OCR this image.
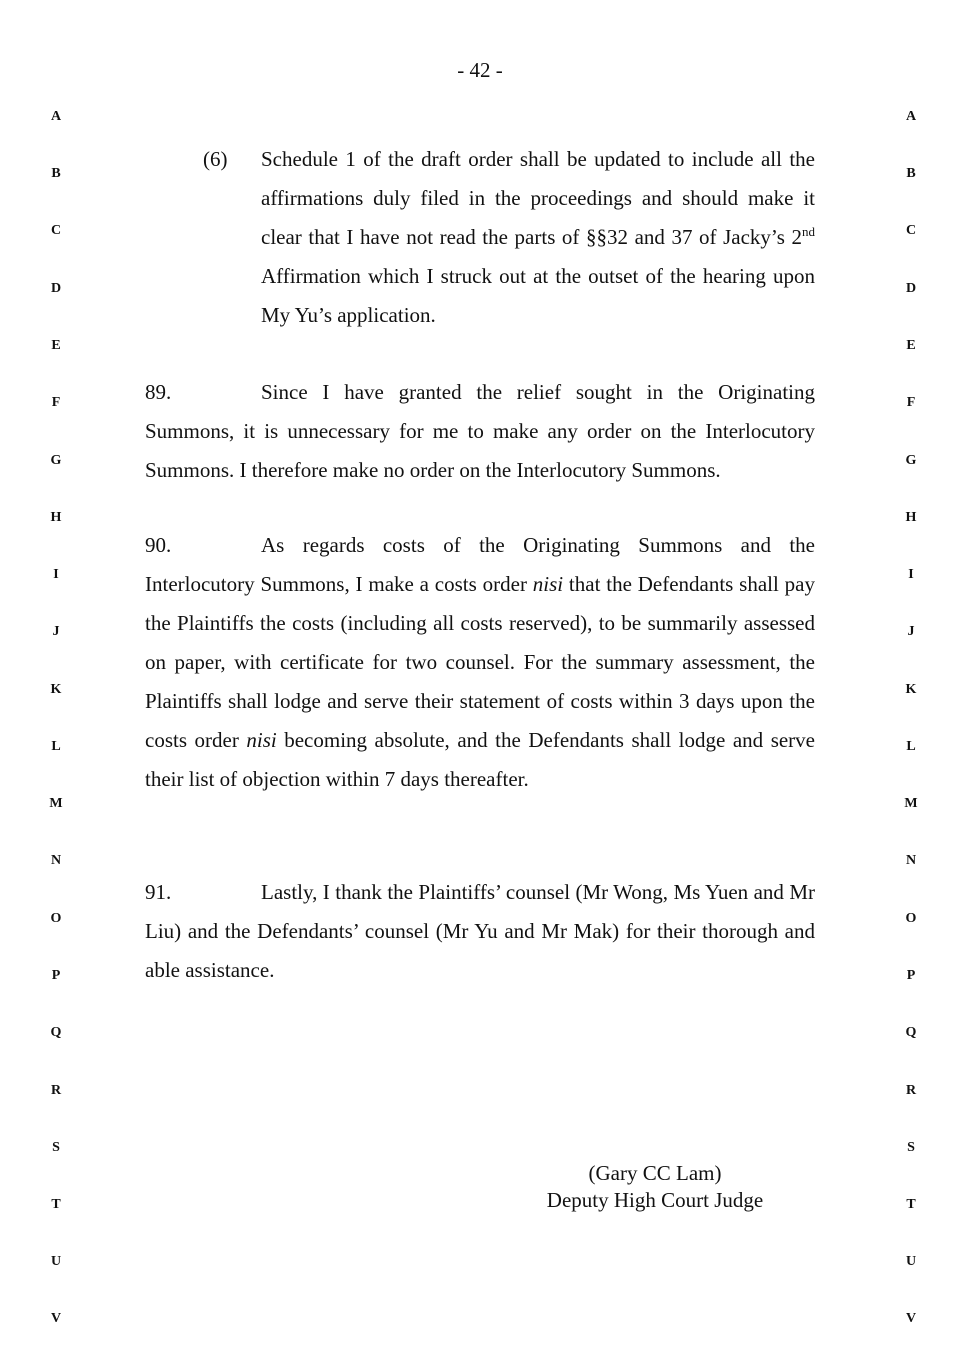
- 42 -
A
B
C
D
E
F
G
H
I
J
K
L
M
N
O
P
Q
R
S
T
U
V
A
B
C
D
E
F
G
H
I
J
K
L
M
N
O
P
Q
R
S
T
U
V
(6) Schedule 1 of the draft order shall be updated to include all the affirmations duly filed in the proceedings and should make it clear that I have not read the parts of §§32 and 37 of Jacky’s 2nd Affirmation which I struck out at the outset of the hearing upon My Yu’s application.
89.	Since I have granted the relief sought in the Originating Summons, it is unnecessary for me to make any order on the Interlocutory Summons. I therefore make no order on the Interlocutory Summons.
90.	As regards costs of the Originating Summons and the Interlocutory Summons, I make a costs order nisi that the Defendants shall pay the Plaintiffs the costs (including all costs reserved), to be summarily assessed on paper, with certificate for two counsel. For the summary assessment, the Plaintiffs shall lodge and serve their statement of costs within 3 days upon the costs order nisi becoming absolute, and the Defendants shall lodge and serve their list of objection within 7 days thereafter.
91.	Lastly, I thank the Plaintiffs’ counsel (Mr Wong, Ms Yuen and Mr Liu) and the Defendants’ counsel (Mr Yu and Mr Mak) for their thorough and able assistance.
(Gary CC Lam)
Deputy High Court Judge
